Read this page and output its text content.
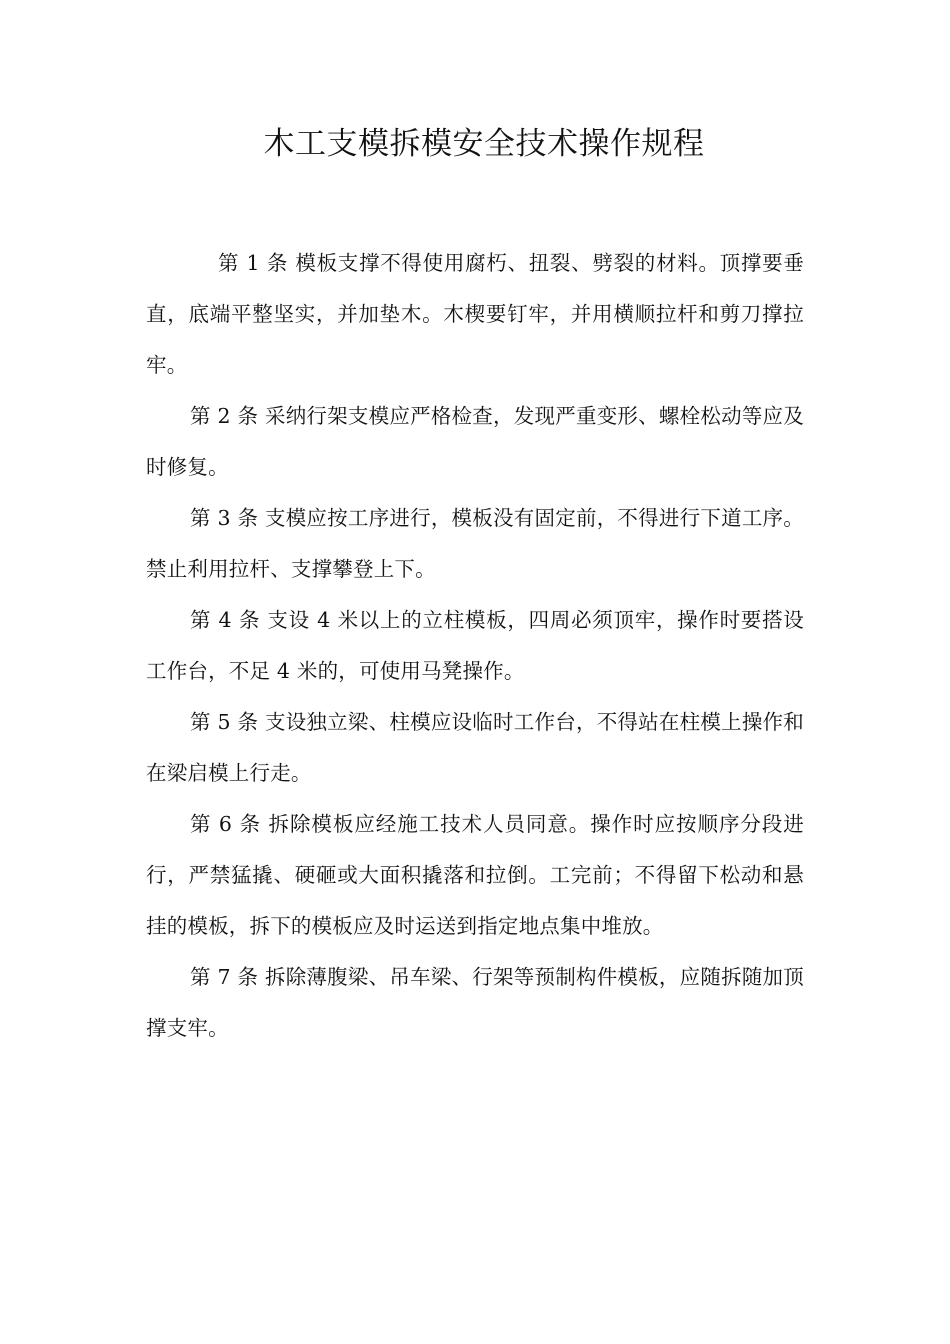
木工支模拆模安全技术操作规程

第 1 条 模板支撑不得使用腐朽、扭裂、劈裂的材料。顶撑要垂直，底端平整坚实，并加垫木。木楔要钉牢，并用横顺拉杆和剪刀撑拉牢。

第 2 条 采纳行架支模应严格检查，发现严重变形、螺栓松动等应及时修复。

第 3 条 支模应按工序进行，模板没有固定前，不得进行下道工序。禁止利用拉杆、支撑攀登上下。

第 4 条 支设 4 米以上的立柱模板，四周必须顶牢，操作时要搭设工作台，不足 4 米的，可使用马凳操作。

第 5 条 支设独立梁、柱模应设临时工作台，不得站在柱模上操作和在梁启模上行走。

第 6 条 拆除模板应经施工技术人员同意。操作时应按顺序分段进行，严禁猛撬、硬砸或大面积撬落和拉倒。工完前；不得留下松动和悬挂的模板，拆下的模板应及时运送到指定地点集中堆放。

第 7 条 拆除薄腹梁、吊车梁、行架等预制构件模板，应随拆随加顶撑支牢。
